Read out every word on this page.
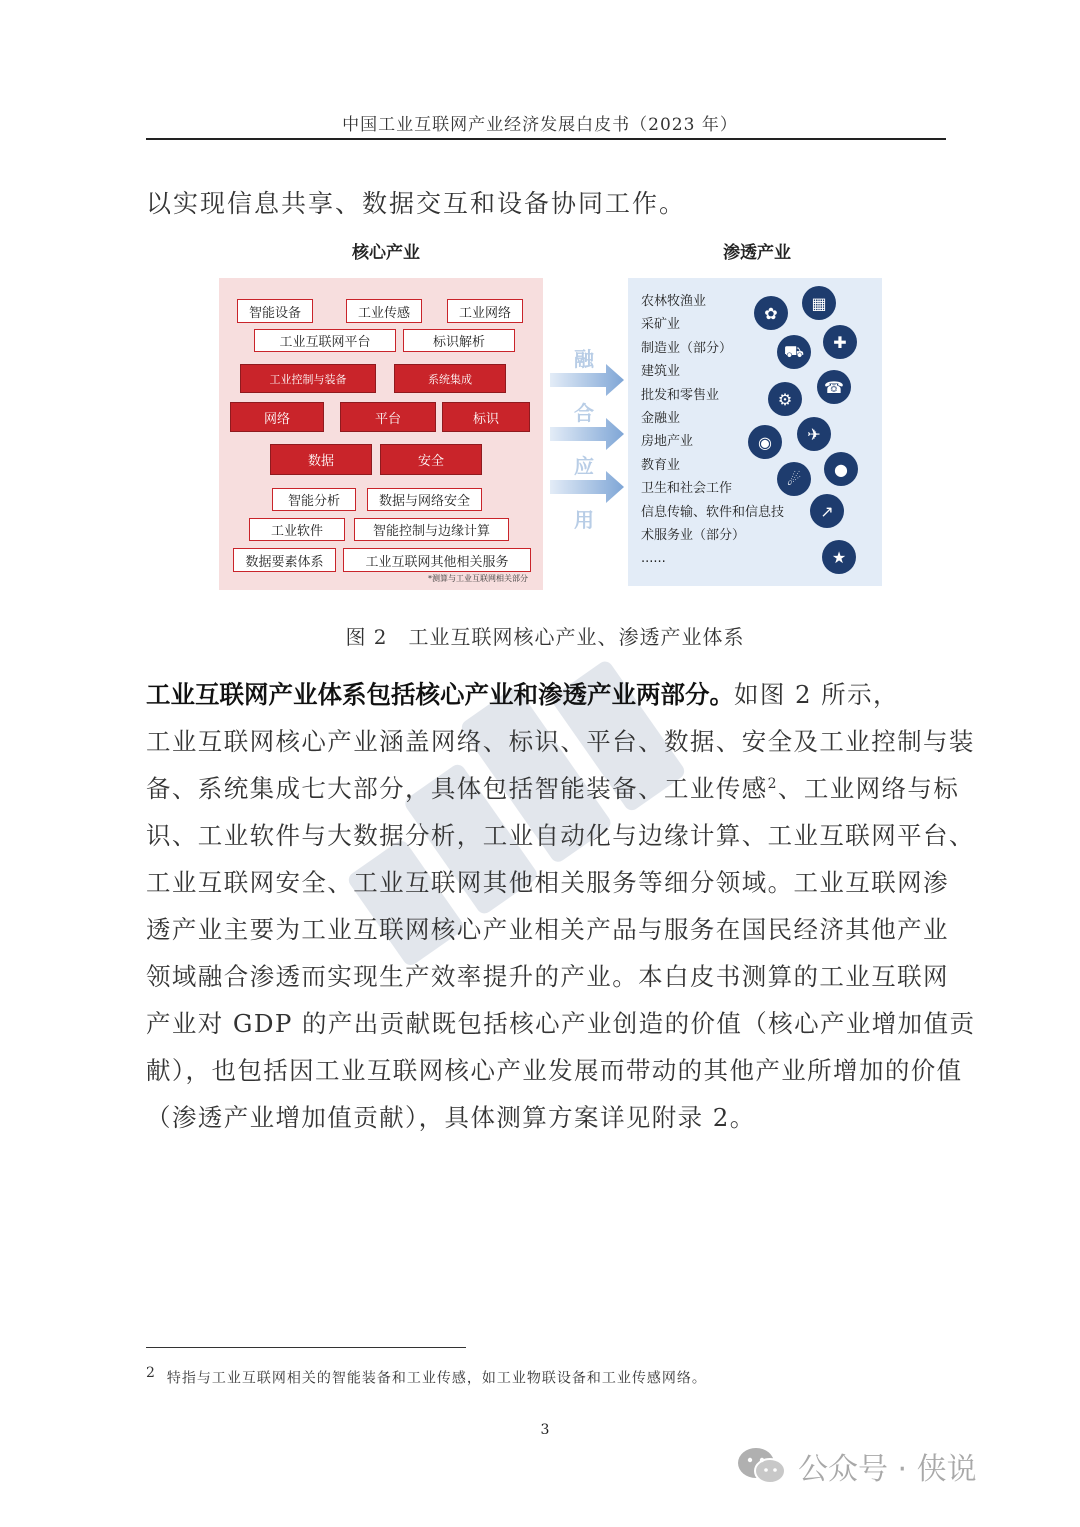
中国工业互联网产业经济发展白皮书（2023 年）
以实现信息共享、数据交互和设备协同工作。
核心产业	渗透产业
智能设备	工业传感	工业网络
工业互联网平台	标识解析
工业控制与装备	系统集成
网络	平台	标识
数据	安全
智能分析	数据与网络安全
工业软件	智能控制与边缘计算
数据要素体系	工业互联网其他相关服务
*测算与工业互联网相关部分
融
合
应
用
农林牧渔业
采矿业
制造业（部分）
建筑业
批发和零售业
金融业
房地产业
教育业
卫生和社会工作
信息传输、软件和信息技
术服务业（部分）
......
✿
▦
⛟	✚
☎
⚙
◉	✈
☄
●
↗
★
图 2　工业互联网核心产业、渗透产业体系
工业互联网产业体系包括核心产业和渗透产业两部分。如图 2 所示，
工业互联网核心产业涵盖网络、标识、平台、数据、安全及工业控制与装
备、系统集成七大部分，具体包括智能装备、工业传感$^2$、工业网络与标
识、工业软件与大数据分析，工业自动化与边缘计算、工业互联网平台、
工业互联网安全、工业互联网其他相关服务等细分领域。工业互联网渗
透产业主要为工业互联网核心产业相关产品与服务在国民经济其他产业
领域融合渗透而实现生产效率提升的产业。本白皮书测算的工业互联网
产业对 GDP 的产出贡献既包括核心产业创造的价值（核心产业增加值贡
献），也包括因工业互联网核心产业发展而带动的其他产业所增加的价值
（渗透产业增加值贡献），具体测算方案详见附录 2。
$^2$ 特指与工业互联网相关的智能装备和工业传感，如工业物联设备和工业传感网络。
3
公众号 · 侠说
